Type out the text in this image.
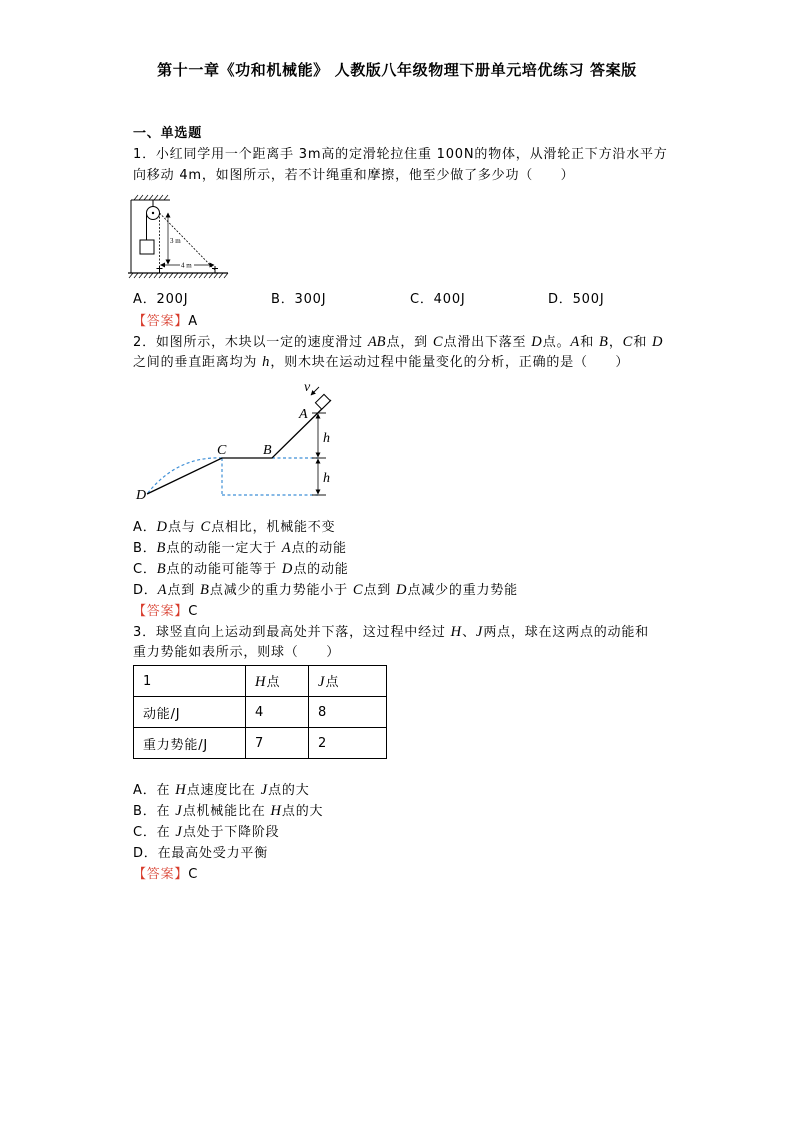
第十一章《功和机械能》 人教版八年级物理下册单元培优练习 答案版
一、单选题
1．小红同学用一个距离手 3m高的定滑轮拉住重 100N的物体，从滑轮正下方沿水平方
向移动 4m，如图所示，若不计绳重和摩擦，他至少做了多少功（　　）
3 m
4 m
A．200J	B．300J	C．400J	D．500J
【答案】A
2．如图所示，木块以一定的速度滑过 AB点，到 C点滑出下落至 D点。A和 B，C和 D
之间的垂直距离均为 h，则木块在运动过程中能量变化的分析，正确的是（　　）
v
h
h
A
B
C
D
A．D点与 C点相比，机械能不变
B．B点的动能一定大于 A点的动能
C．B点的动能可能等于 D点的动能
D．A点到 B点减少的重力势能小于 C点到 D点减少的重力势能
【答案】C
3．球竖直向上运动到最高处并下落，这过程中经过 H、J两点，球在这两点的动能和
重力势能如表所示，则球（　　）
1	H点	J点
动能/J	4	8
重力势能/J	7	2
A．在 H点速度比在 J点的大
B．在 J点机械能比在 H点的大
C．在 J点处于下降阶段
D．在最高处受力平衡
【答案】C
